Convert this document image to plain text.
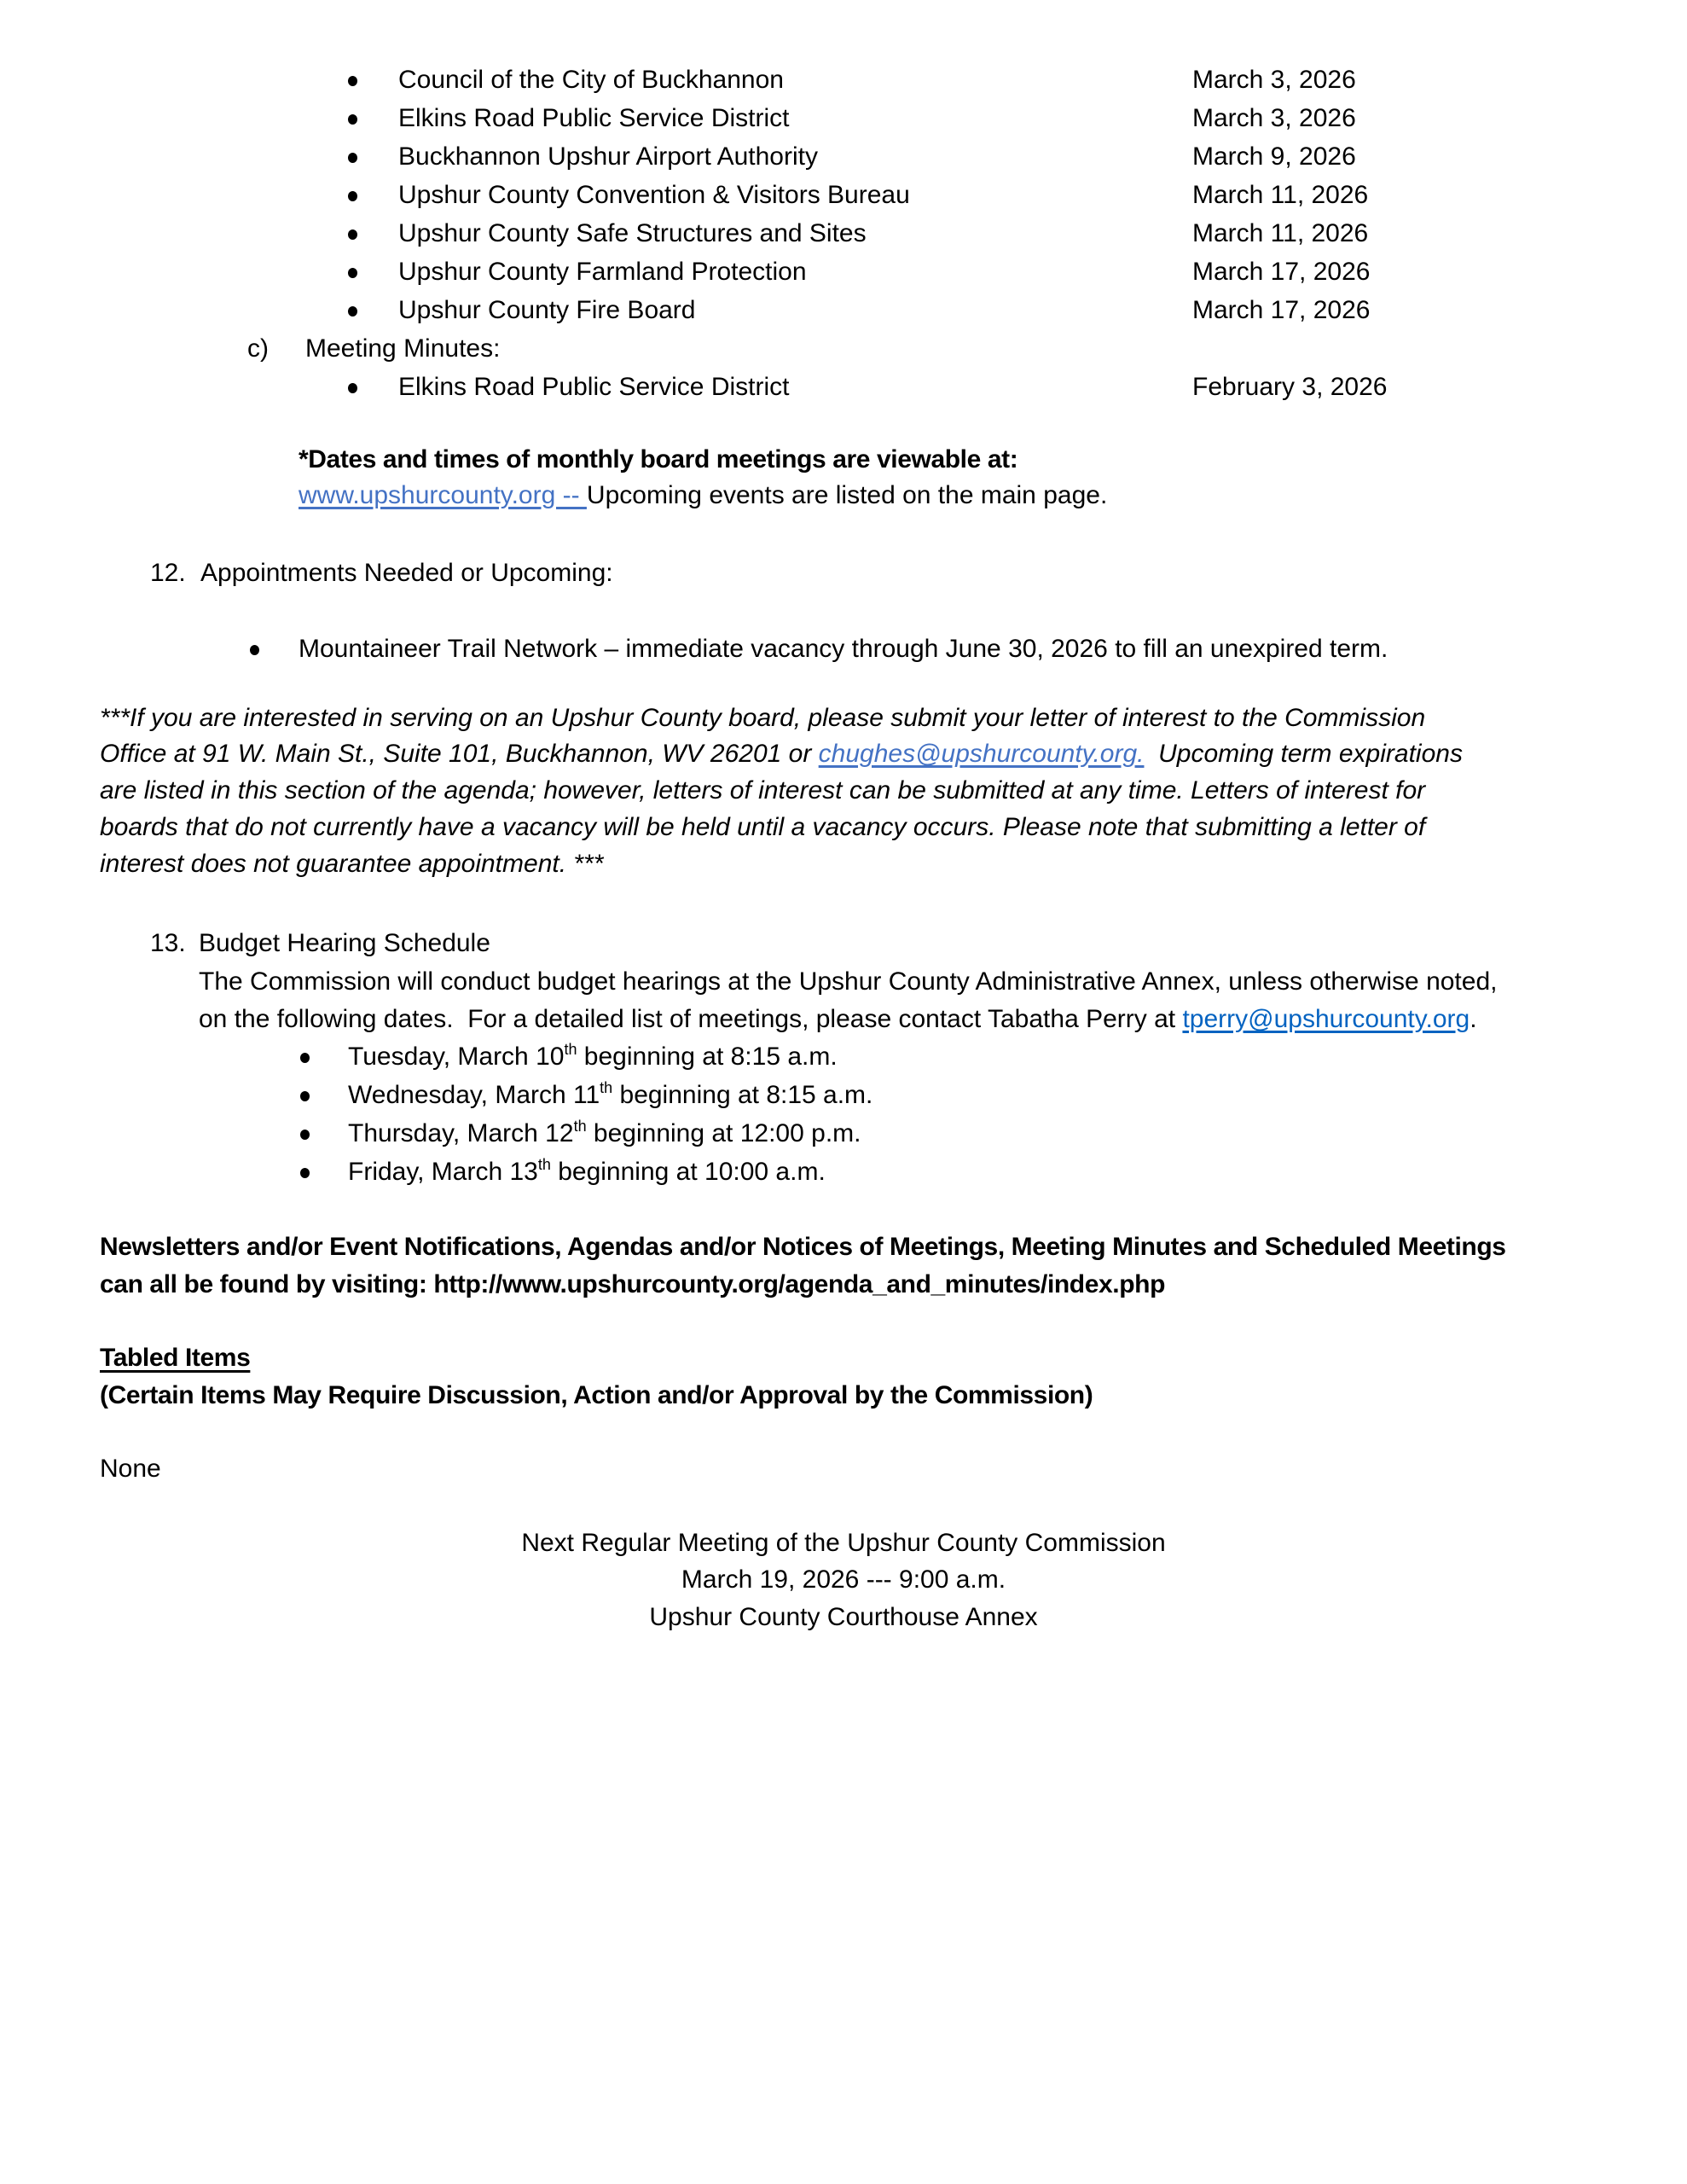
Council of the City of Buckhannon	March 3, 2026
Elkins Road Public Service District	March 3, 2026
Buckhannon Upshur Airport Authority	March 9, 2026
Upshur County Convention & Visitors Bureau	March 11, 2026
Upshur County Safe Structures and Sites	March 11, 2026
Upshur County Farmland Protection	March 17, 2026
Upshur County Fire Board	March 17, 2026
c) Meeting Minutes:
Elkins Road Public Service District	February 3, 2026
*Dates and times of monthly board meetings are viewable at:
www.upshurcounty.org -- Upcoming events are listed on the main page.
12. Appointments Needed or Upcoming:
Mountaineer Trail Network – immediate vacancy through June 30, 2026 to fill an unexpired term.
***If you are interested in serving on an Upshur County board, please submit your letter of interest to the Commission
Office at 91 W. Main St., Suite 101, Buckhannon, WV 26201 or chughes@upshurcounty.org.  Upcoming term expirations
are listed in this section of the agenda; however, letters of interest can be submitted at any time. Letters of interest for
boards that do not currently have a vacancy will be held until a vacancy occurs. Please note that submitting a letter of
interest does not guarantee appointment. ***
13. Budget Hearing Schedule
The Commission will conduct budget hearings at the Upshur County Administrative Annex, unless otherwise noted,
on the following dates.  For a detailed list of meetings, please contact Tabatha Perry at tperry@upshurcounty.org.
Tuesday, March 10th beginning at 8:15 a.m.
Wednesday, March 11th beginning at 8:15 a.m.
Thursday, March 12th beginning at 12:00 p.m.
Friday, March 13th beginning at 10:00 a.m.
Newsletters and/or Event Notifications, Agendas and/or Notices of Meetings, Meeting Minutes and Scheduled Meetings
can all be found by visiting: http://www.upshurcounty.org/agenda_and_minutes/index.php
Tabled Items
(Certain Items May Require Discussion, Action and/or Approval by the Commission)
None
Next Regular Meeting of the Upshur County Commission
March 19, 2026 --- 9:00 a.m.
Upshur County Courthouse Annex
